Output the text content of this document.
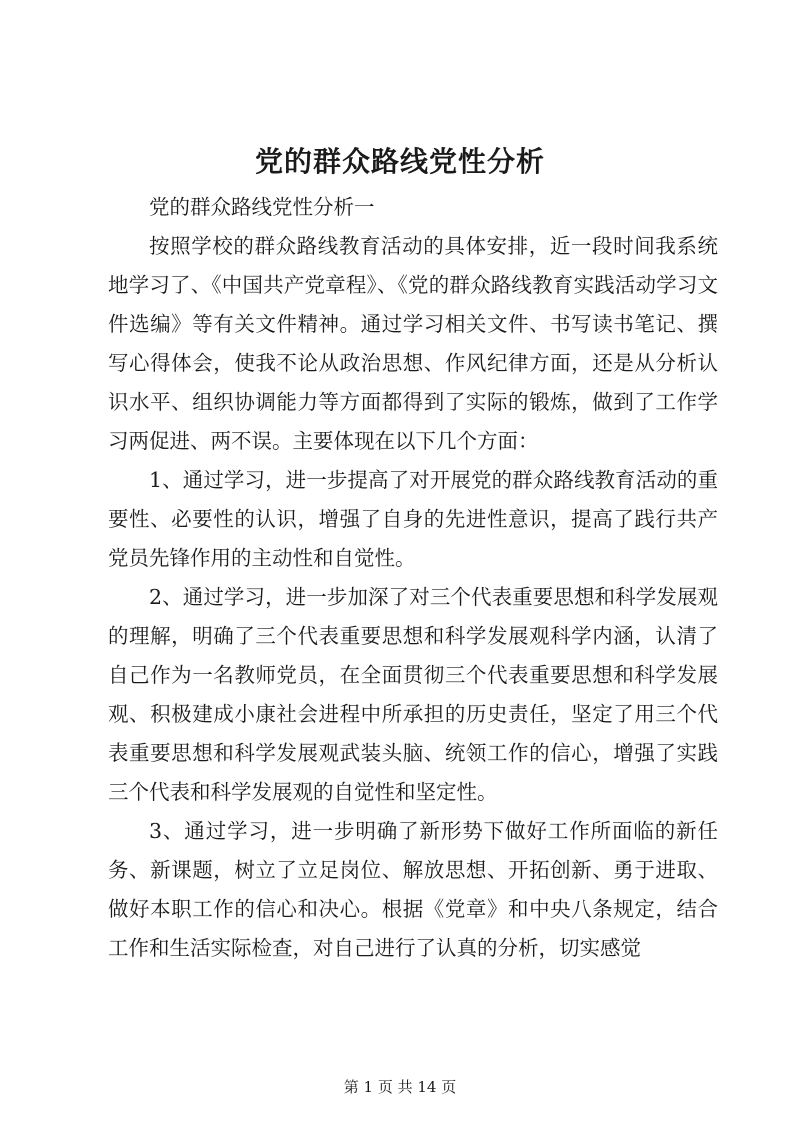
党的群众路线党性分析

党的群众路线党性分析一

按照学校的群众路线教育活动的具体安排，近一段时间我系统地学习了、《中国共产党章程》、《党的群众路线教育实践活动学习文件选编》等有关文件精神。通过学习相关文件、书写读书笔记、撰写心得体会，使我不论从政治思想、作风纪律方面，还是从分析认识水平、组织协调能力等方面都得到了实际的锻炼，做到了工作学习两促进、两不误。主要体现在以下几个方面：

1、通过学习，进一步提高了对开展党的群众路线教育活动的重要性、必要性的认识，增强了自身的先进性意识，提高了践行共产党员先锋作用的主动性和自觉性。

2、通过学习，进一步加深了对三个代表重要思想和科学发展观的理解，明确了三个代表重要思想和科学发展观科学内涵，认清了自己作为一名教师党员，在全面贯彻三个代表重要思想和科学发展观、积极建成小康社会进程中所承担的历史责任，坚定了用三个代表重要思想和科学发展观武装头脑、统领工作的信心，增强了实践三个代表和科学发展观的自觉性和坚定性。

3、通过学习，进一步明确了新形势下做好工作所面临的新任务、新课题，树立了立足岗位、解放思想、开拓创新、勇于进取、做好本职工作的信心和决心。根据《党章》和中央八条规定，结合工作和生活实际检查，对自己进行了认真的分析，切实感觉

第 1 页 共 14 页
